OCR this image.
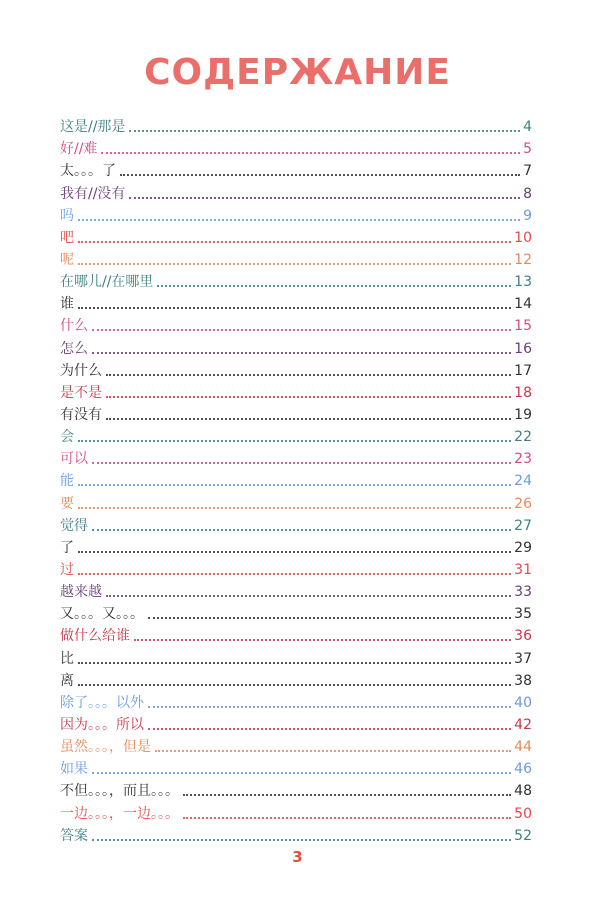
СОДЕРЖАНИЕ
这是//那是	4
好//难	5
太。。。了	7
我有//没有	8
吗	9
吧	10
呢	12
在哪儿//在哪里	13
谁	14
什么	15
怎么	16
为什么	17
是不是	18
有没有	19
会	22
可以	23
能	24
要	26
觉得	27
了	29
过	31
越来越	33
又。。。又。。。	35
做什么给谁	36
比	37
离	38
除了。。。以外	40
因为。。。所以	42
虽然。。。，但是	44
如果	46
不但。。。，而且。。。	48
一边。。。，一边。。。	50
答案	52
3
